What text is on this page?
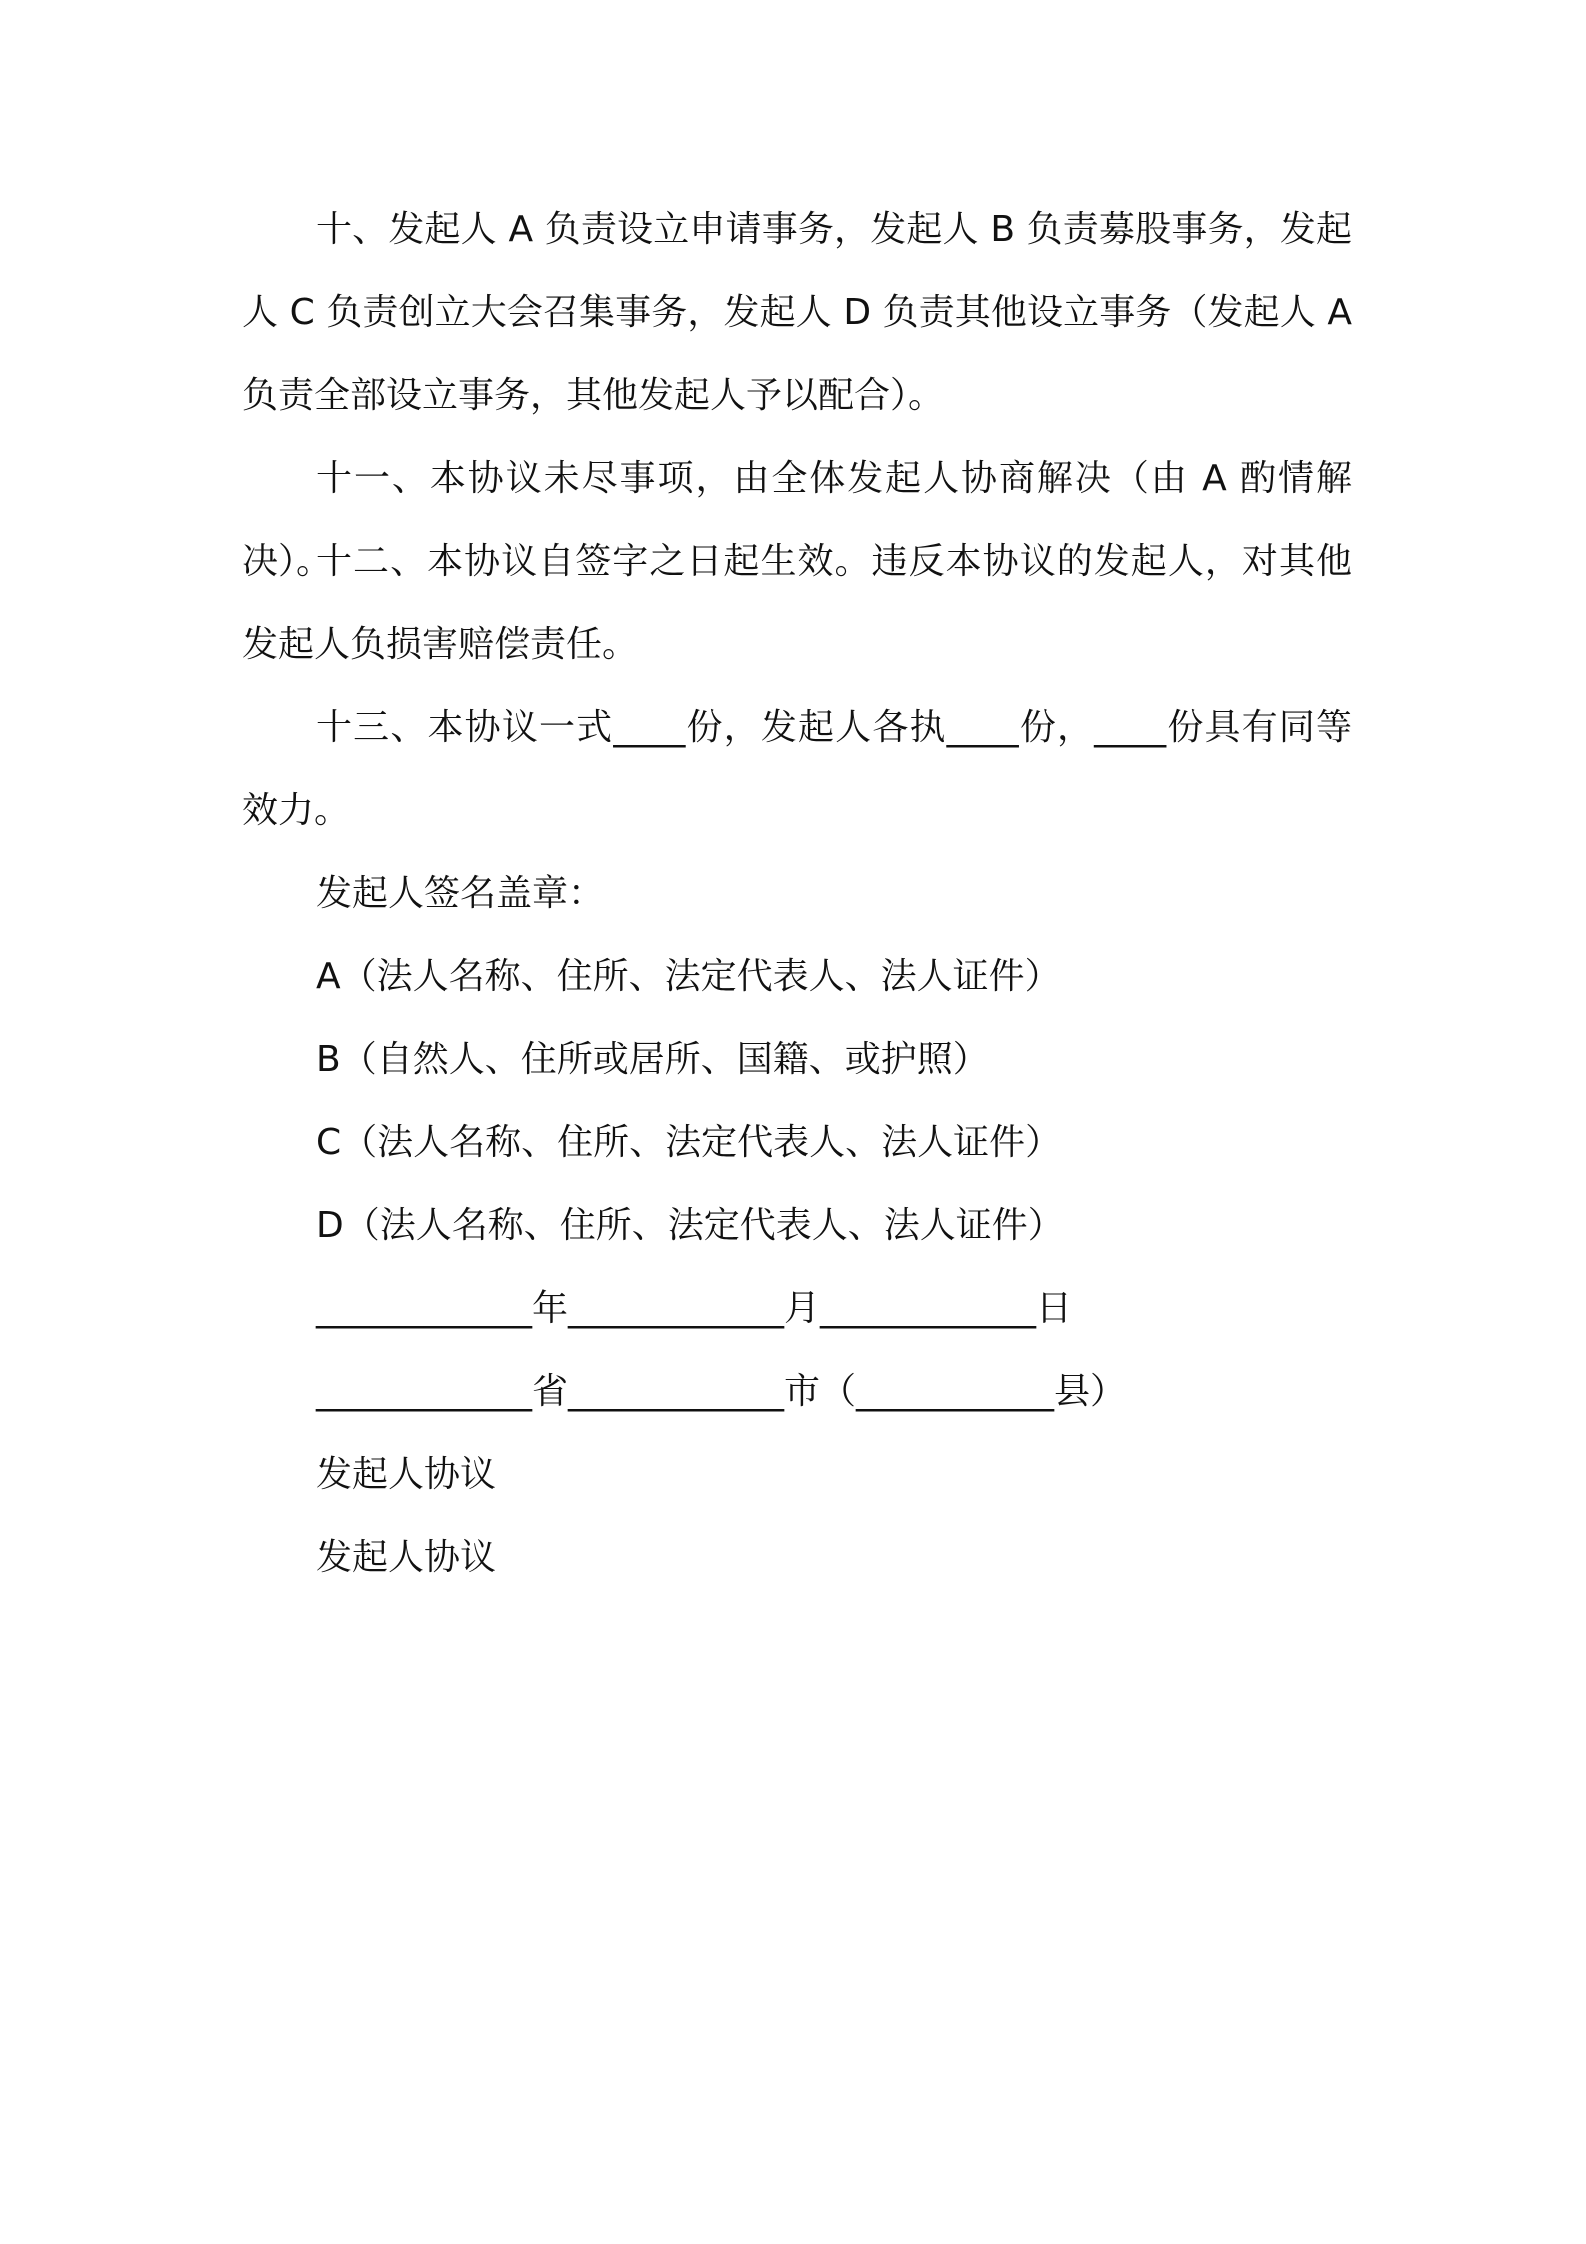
十、发起人 A 负责设立申请事务，发起人 B 负责募股事务，发起人 C 负责创立大会召集事务，发起人 D 负责其他设立事务（发起人 A 负责全部设立事务，其他发起人予以配合）。

十一、本协议未尽事项，由全体发起人协商解决（由 A 酌情解决）。

十二、本协议自签字之日起生效。违反本协议的发起人，对其他发起人负损害赔偿责任。

十三、本协议一式____份，发起人各执____份，____份具有同等效力。

发起人签名盖章：

A（法人名称、住所、法定代表人、法人证件）

B（自然人、住所或居所、国籍、或护照）

C（法人名称、住所、法定代表人、法人证件）

D（法人名称、住所、法定代表人、法人证件）

____________年____________月____________日

____________省____________市（___________县）

发起人协议

发起人协议
